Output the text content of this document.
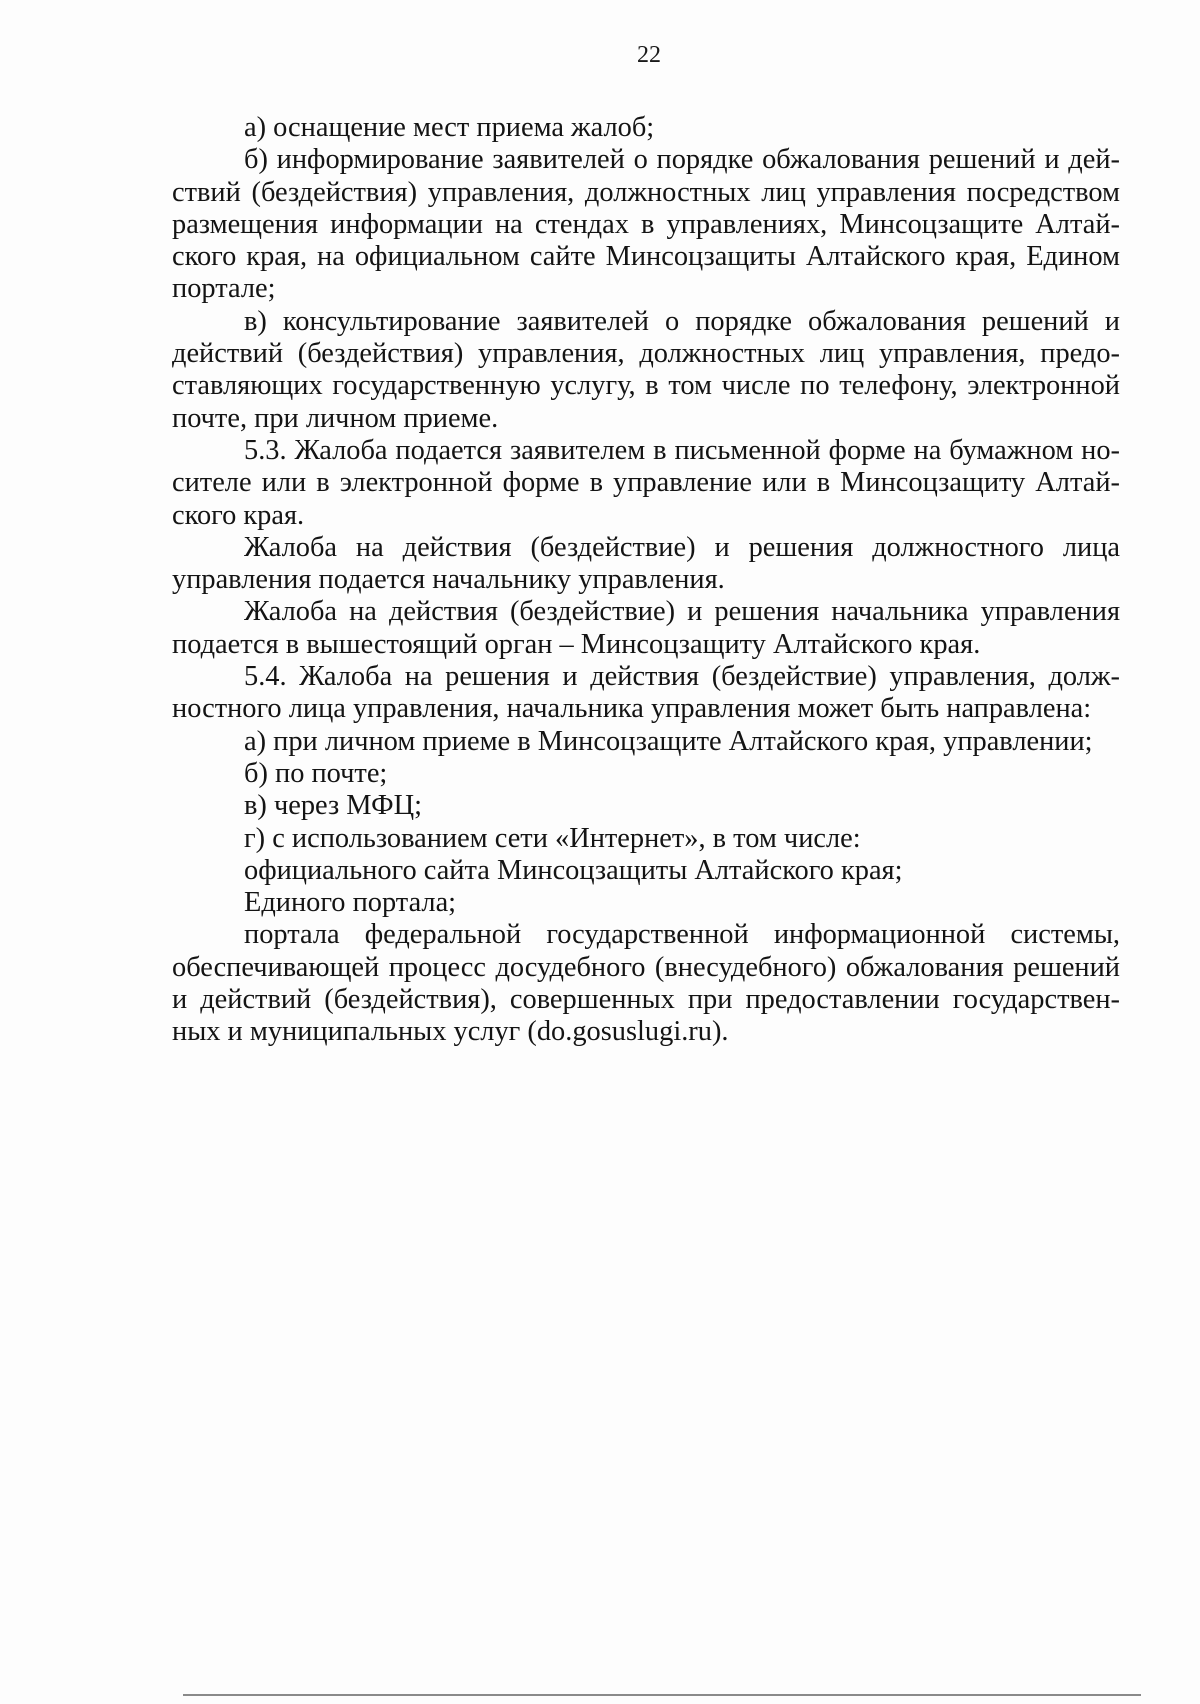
22

а) оснащение мест приема жалоб;

б) информирование заявителей о порядке обжалования решений и действий (бездействия) управления, должностных лиц управления посредством размещения информации на стендах в управлениях, Минсоцзащите Алтайского края, на официальном сайте Минсоцзащиты Алтайского края, Едином портале;

в) консультирование заявителей о порядке обжалования решений и действий (бездействия) управления, должностных лиц управления, предоставляющих государственную услугу, в том числе по телефону, электронной почте, при личном приеме.

5.3. Жалоба подается заявителем в письменной форме на бумажном носителе или в электронной форме в управление или в Минсоцзащиту Алтайского края.

Жалоба на действия (бездействие) и решения должностного лица управления подается начальнику управления.

Жалоба на действия (бездействие) и решения начальника управления подается в вышестоящий орган – Минсоцзащиту Алтайского края.

5.4. Жалоба на решения и действия (бездействие) управления, должностного лица управления, начальника управления может быть направлена:

а) при личном приеме в Минсоцзащите Алтайского края, управлении;

б) по почте;

в) через МФЦ;

г) с использованием сети «Интернет», в том числе:

официального сайта Минсоцзащиты Алтайского края;

Единого портала;

портала федеральной государственной информационной системы, обеспечивающей процесс досудебного (внесудебного) обжалования решений и действий (бездействия), совершенных при предоставлении государственных и муниципальных услуг (do.gosuslugi.ru).
